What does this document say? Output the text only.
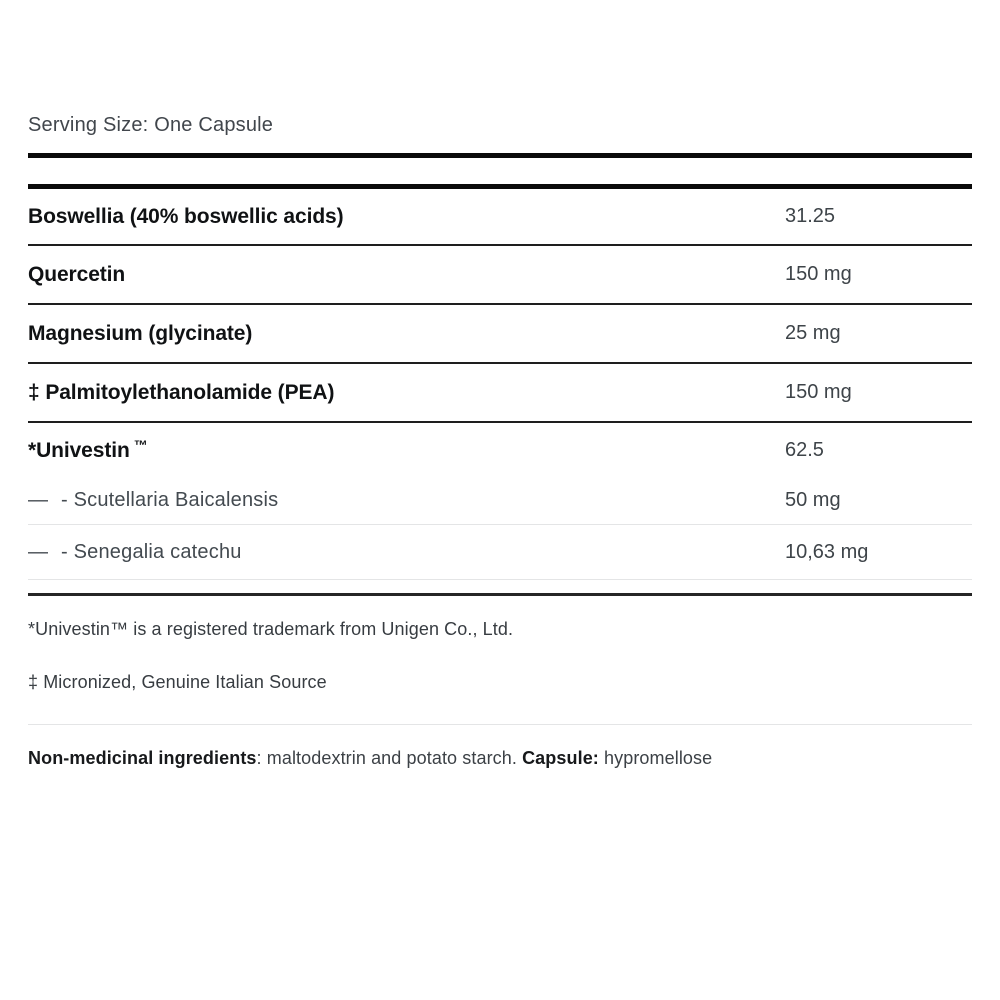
Serving Size: One Capsule
Boswellia (40% boswellic acids)	31.25
Quercetin	150 mg
Magnesium (glycinate)	25 mg
‡ Palmitoylethanolamide (PEA)	150 mg
*Univestin ™	62.5
— - Scutellaria Baicalensis	50 mg
— - Senegalia catechu	10,63 mg
*Univestin™ is a registered trademark from Unigen Co., Ltd.
‡ Micronized, Genuine Italian Source
Non-medicinal ingredients: maltodextrin and potato starch. Capsule: hypromellose
